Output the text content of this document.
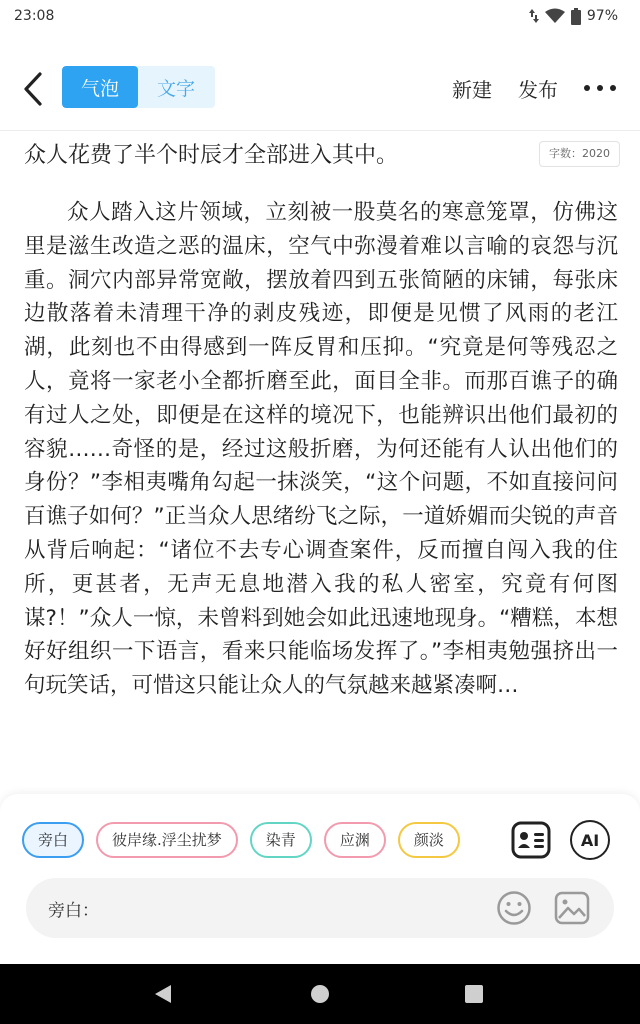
23:08	97%
气泡	文字	新建 发布
众人花费了半个时辰才全部进入其中。	字数：2020
众人踏入这片领域，立刻被一股莫名的寒意笼罩，仿佛这里是滋生改造之恶的温床，空气中弥漫着难以言喻的哀怨与沉重。洞穴内部异常宽敞，摆放着四到五张简陋的床铺，每张床边散落着未清理干净的剥皮残迹，即便是见惯了风雨的老江湖，此刻也不由得感到一阵反胃和压抑。“究竟是何等残忍之人，竟将一家老小全都折磨至此，面目全非。而那百谯子的确有过人之处，即便是在这样的境况下，也能辨识出他们最初的容貌……奇怪的是，经过这般折磨，为何还能有人认出他们的身份？”李相夷嘴角勾起一抹淡笑，“这个问题，不如直接问问百谯子如何？”正当众人思绪纷飞之际，一道娇媚而尖锐的声音从背后响起：“诸位不去专心调查案件，反而擅自闯入我的住所，更甚者，无声无息地潜入我的私人密室，究竟有何图谋?！”众人一惊，未曾料到她会如此迅速地现身。“糟糕，本想好好组织一下语言，看来只能临场发挥了。”李相夷勉强挤出一句玩笑话，可惜这只能让众人的气氛越来越紧凑啊…
旁白	彼岸缘.浮尘扰梦	染青	应渊	颜淡	AI
旁白：
